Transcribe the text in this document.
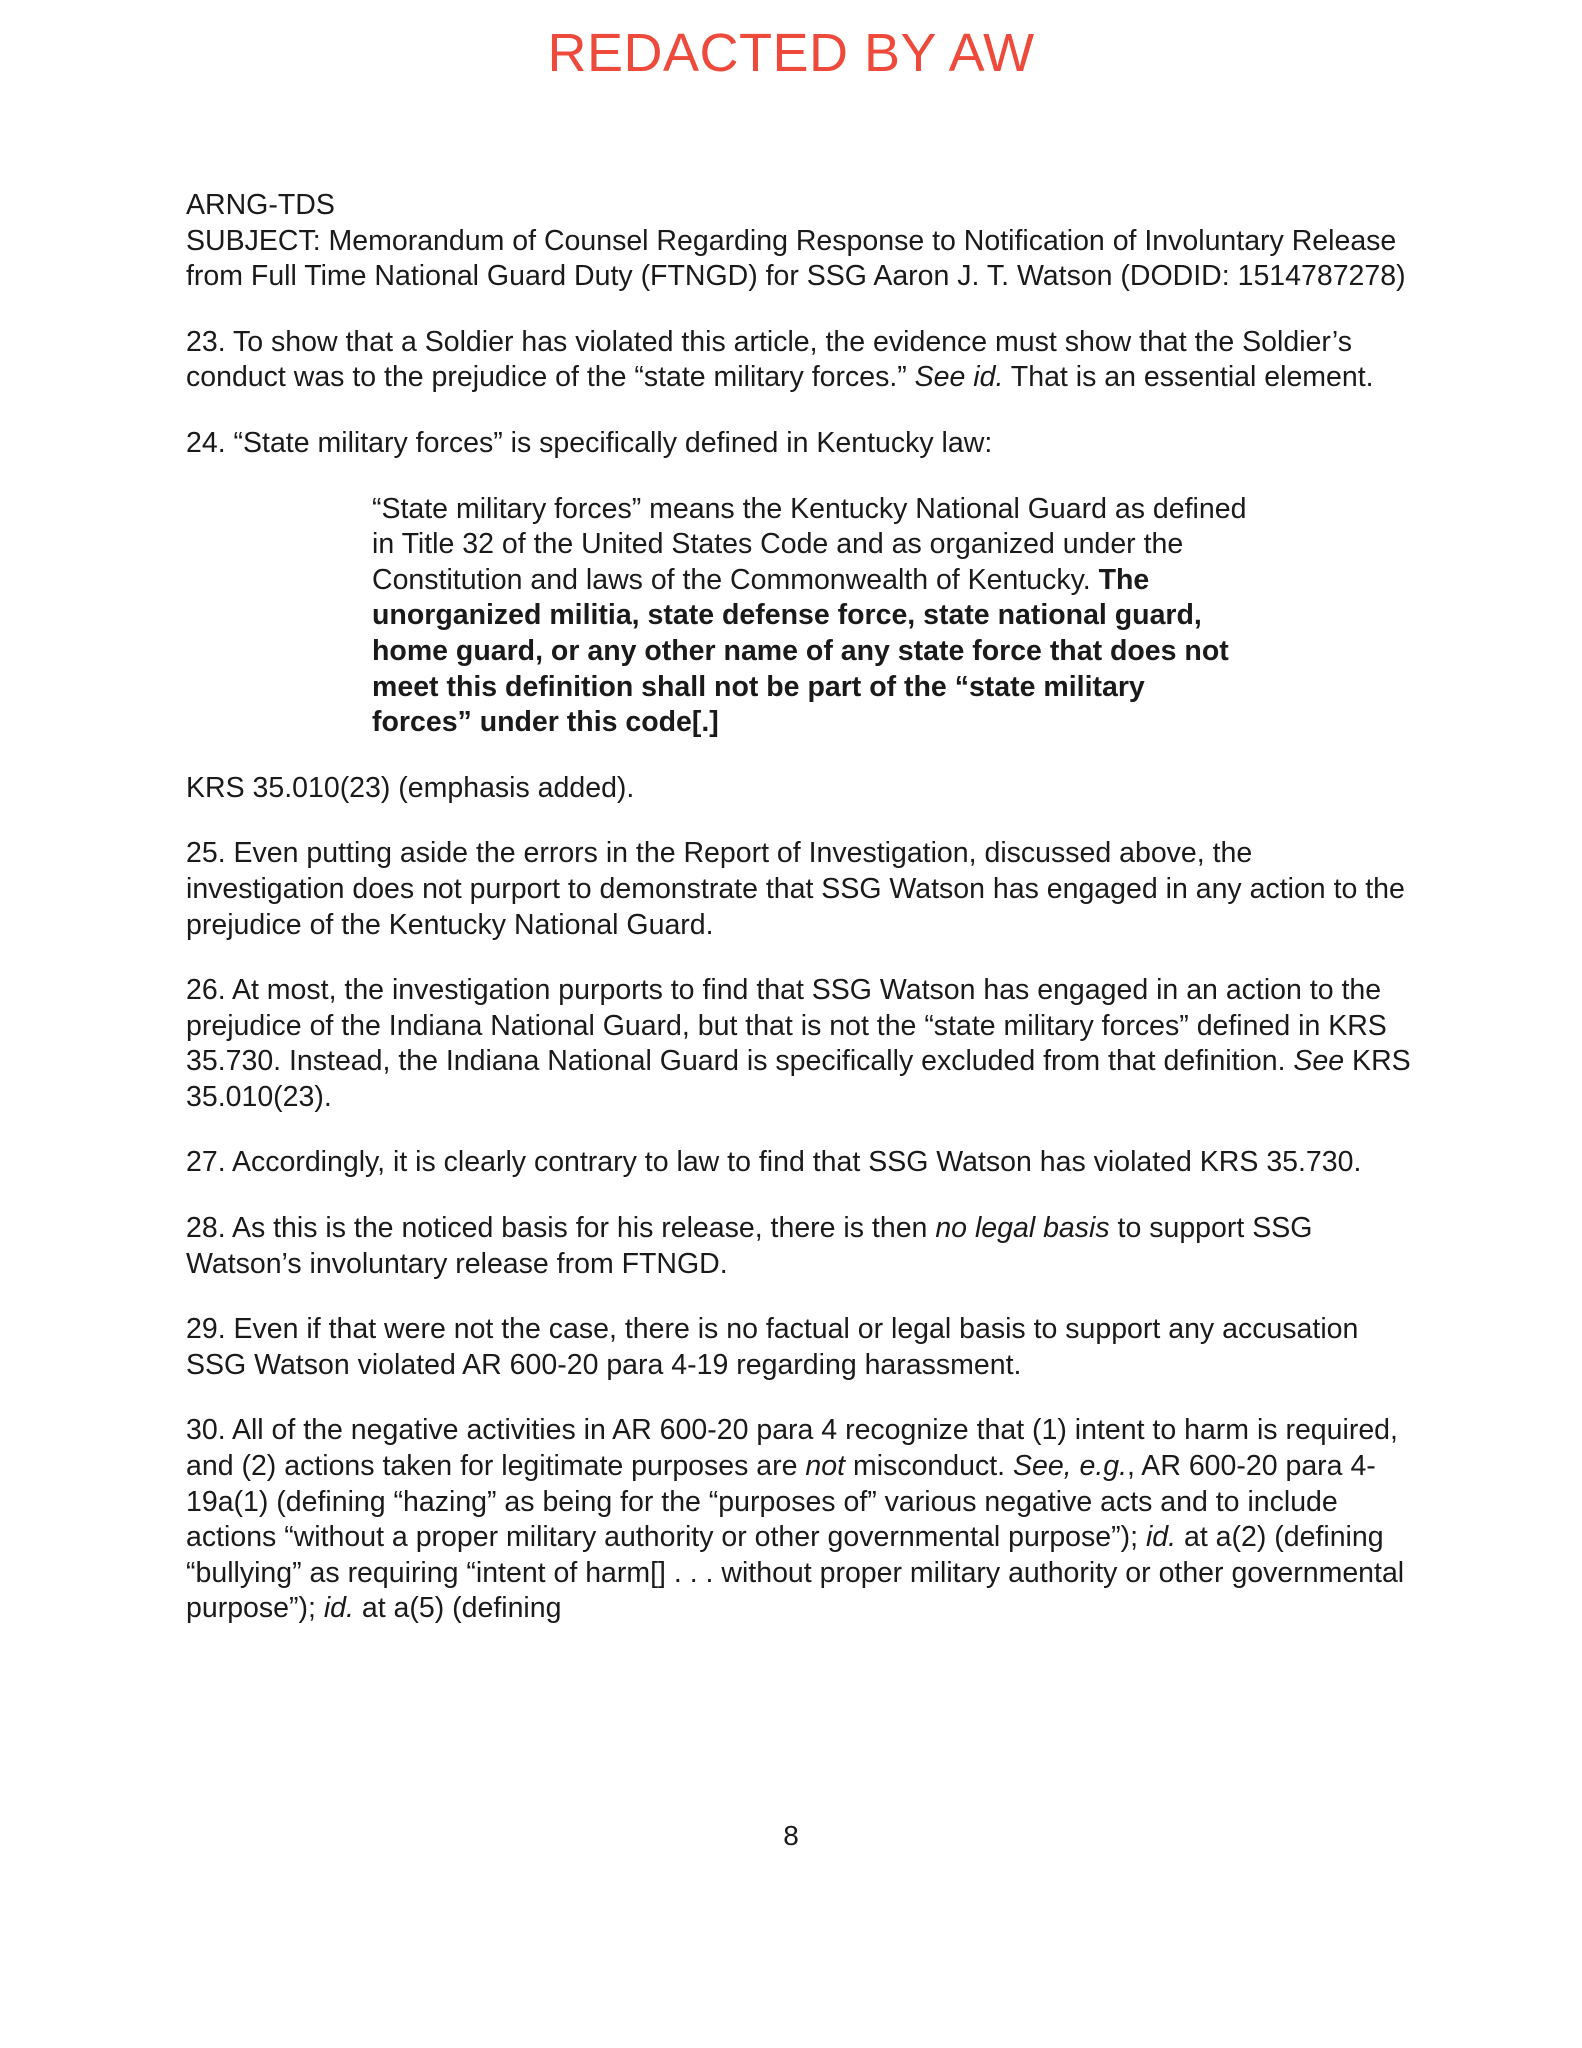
REDACTED BY AW

ARNG-TDS

SUBJECT: Memorandum of Counsel Regarding Response to Notification of Involuntary Release from Full Time National Guard Duty (FTNGD) for SSG Aaron J. T. Watson (DODID: 1514787278)

23. To show that a Soldier has violated this article, the evidence must show that the Soldier’s conduct was to the prejudice of the “state military forces.” See id. That is an essential element.

24. “State military forces” is specifically defined in Kentucky law:

“State military forces” means the Kentucky National Guard as defined in Title 32 of the United States Code and as organized under the Constitution and laws of the Commonwealth of Kentucky. The unorganized militia, state defense force, state national guard, home guard, or any other name of any state force that does not meet this definition shall not be part of the “state military forces” under this code[.]

KRS 35.010(23) (emphasis added).

25. Even putting aside the errors in the Report of Investigation, discussed above, the investigation does not purport to demonstrate that SSG Watson has engaged in any action to the prejudice of the Kentucky National Guard.

26. At most, the investigation purports to find that SSG Watson has engaged in an action to the prejudice of the Indiana National Guard, but that is not the “state military forces” defined in KRS 35.730. Instead, the Indiana National Guard is specifically excluded from that definition. See KRS 35.010(23).

27. Accordingly, it is clearly contrary to law to find that SSG Watson has violated KRS 35.730.

28. As this is the noticed basis for his release, there is then no legal basis to support SSG Watson’s involuntary release from FTNGD.

29. Even if that were not the case, there is no factual or legal basis to support any accusation SSG Watson violated AR 600-20 para 4-19 regarding harassment.

30. All of the negative activities in AR 600-20 para 4 recognize that (1) intent to harm is required, and (2) actions taken for legitimate purposes are not misconduct. See, e.g., AR 600-20 para 4-19a(1) (defining “hazing” as being for the “purposes of” various negative acts and to include actions “without a proper military authority or other governmental purpose”); id. at a(2) (defining “bullying” as requiring “intent of harm[] . . . without proper military authority or other governmental purpose”); id. at a(5) (defining

8
